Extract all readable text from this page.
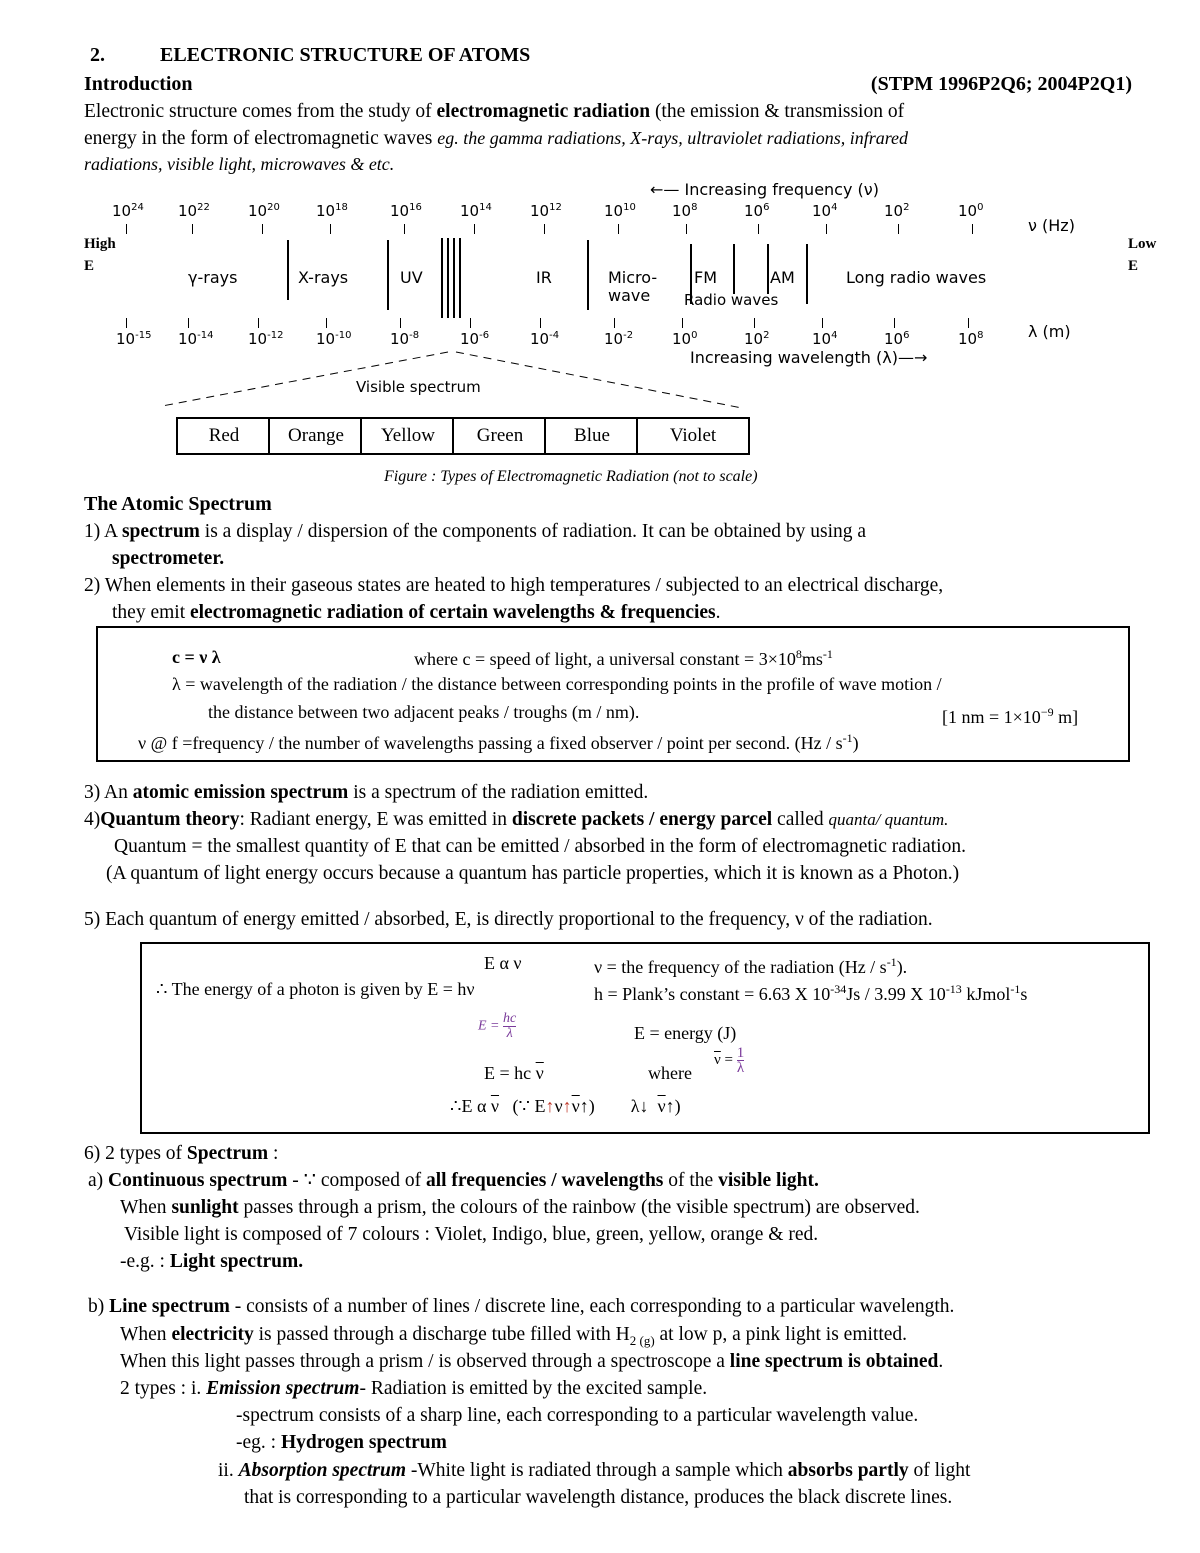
2.	ELECTRONIC STRUCTURE OF ATOMS
Introduction	(STPM 1996P2Q6; 2004P2Q1)
Electronic structure comes from the study of electromagnetic radiation (the emission & transmission of
energy in the form of electromagnetic waves eg. the gamma radiations, X-rays, ultraviolet radiations, infrared
radiations, visible light, microwaves & etc.
←— Increasing frequency (ν)
$10^{24}$ $10^{22}$	$10^{20}$ $10^{18}$	$10^{16}$	$10^{14}$	$10^{12}$	$10^{10}$ $10^8$	$10^6$	$10^4$	$10^2$	$10^0$
ν (Hz)
High
E
Low
E
γ-rays	X-rays	UV	IR	Micro-
wave
FM	AM
Radio waves
Long radio waves
$10^{-15}$ $10^{-14}$ $10^{-12}$ $10^{-10}$	$10^{-8}$	$10^{-6}$	$10^{-4}$	$10^{-2}$	$10^0$	$10^2$	$10^4$	$10^6$	$10^8$	λ (m)
Increasing wavelength (λ)—→
Visible spectrum
Red	Orange	Yellow	Green	Blue	Violet
Figure : Types of Electromagnetic Radiation (not to scale)
The Atomic Spectrum
1) A spectrum is a display / dispersion of the components of radiation. It can be obtained by using a
spectrometer.
2) When elements in their gaseous states are heated to high temperatures / subjected to an electrical discharge,
they emit electromagnetic radiation of certain wavelengths & frequencies.
c = ν λ	where c = speed of light, a universal constant = $3\times 10^8ms^{-1}$
λ = wavelength of the radiation / the distance between corresponding points in the profile of wave motion /
the distance between two adjacent peaks / troughs (m / nm).	[1 nm = $1\times 10^{-9}$ m]
ν @ f =frequency / the number of wavelengths passing a fixed observer / point per second. $(Hz / s^{-1})$
3) An atomic emission spectrum is a spectrum of the radiation emitted.
4)Quantum theory: Radiant energy, E was emitted in discrete packets / energy parcel called quanta/ quantum.
Quantum = the smallest quantity of E that can be emitted / absorbed in the form of electromagnetic radiation.
(A quantum of light energy occurs because a quantum has particle properties, which it is known as a Photon.)
5) Each quantum of energy emitted / absorbed, E, is directly proportional to the frequency, ν of the radiation.
E α ν	ν = the frequency of the radiation $(Hz / s^{-1})$.
∴ The energy of a photon is given by E = hν	h = Plank’s constant = 6.63 X $10^{-34}Js / 3.99$ X $10^{-13}$ kJmol$^{-1}$s
$E = \frac{hc}{\lambda}$	E = energy (J)
E = hc $\overline{\nu}$	where
$\overline{\nu} = \frac{1}{\lambda}$
∴E α $\overline{\nu}$ (∵ $E↑\nu↑\overline{\nu}↑$) λ↓ $\overline{\nu}↑$)
6) 2 types of Spectrum :
a) Continuous spectrum - ∵ composed of all frequencies / wavelengths of the visible light.
When sunlight passes through a prism, the colours of the rainbow (the visible spectrum) are observed.
Visible light is composed of 7 colours : Violet, Indigo, blue, green, yellow, orange & red.
-e.g. : Light spectrum.
b) Line spectrum - consists of a number of lines / discrete line, each corresponding to a particular wavelength.
When electricity is passed through a discharge tube filled with $H_{2 (g)}$ at low p, a pink light is emitted.
When this light passes through a prism / is observed through a spectroscope a line spectrum is obtained.
2 types : i. Emission spectrum- Radiation is emitted by the excited sample.
-spectrum consists of a sharp line, each corresponding to a particular wavelength value.
-eg. : Hydrogen spectrum
ii. Absorption spectrum -White light is radiated through a sample which absorbs partly of light
that is corresponding to a particular wavelength distance, produces the black discrete lines.
